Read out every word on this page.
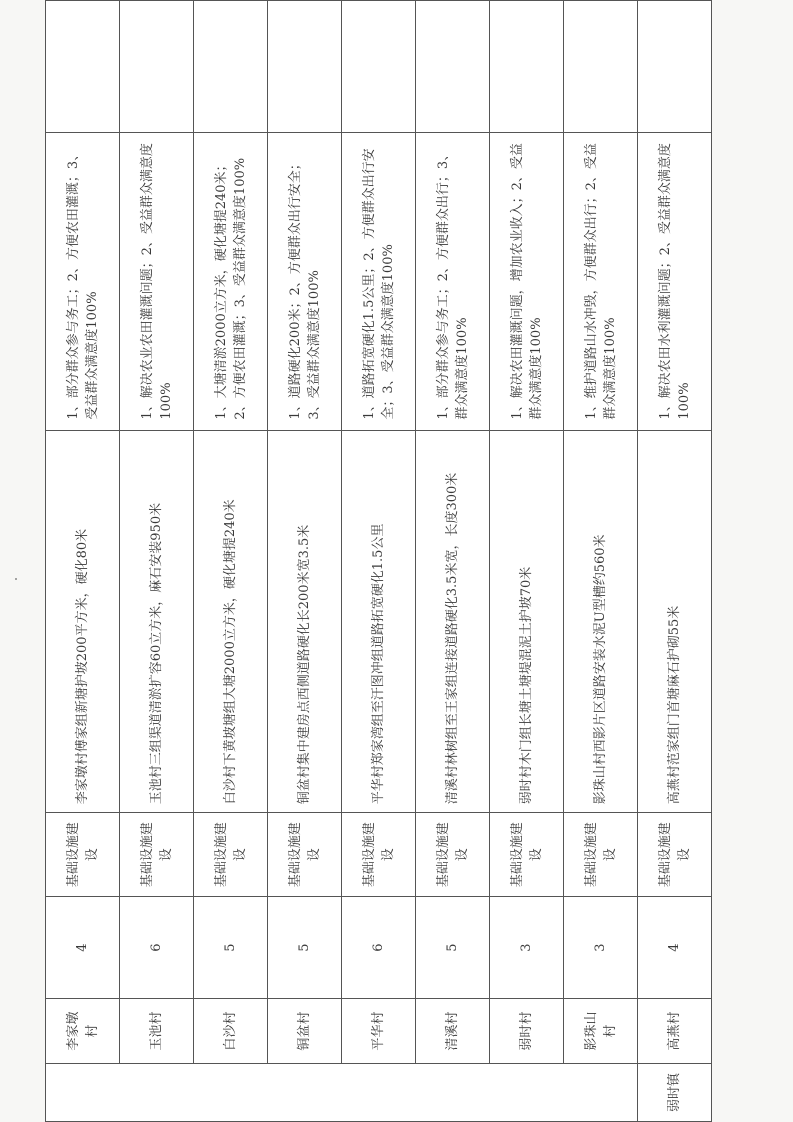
	李家墩村	4	基础设施建设	李家墩村傅家组新塘护坡200平方米，硬化80米	1、部分群众参与务工；2、方便农田灌溉；3、受益群众满意度100%	
	玉池村	6	基础设施建设	玉池村三组渠道清淤扩容60立方米，麻石安装950米	1、解决农业农田灌溉问题；2、受益群众满意度100%	
	白沙村	5	基础设施建设	白沙村下黄坡塘组大塘2000立方米，硬化塘提240米	1、大塘清淤2000立方米，硬化塘提240米；2、方便农田灌溉；3、受益群众满意度100%	
	铜盆村	5	基础设施建设	铜盆村集中建房点西侧道路硬化长200米宽3.5米	1、道路硬化200米；2、方便群众出行安全；3、受益群众满意度100%	
	平华村	6	基础设施建设	平华村郑家湾组至汗图冲组道路拓宽硬化1.5公里	1、道路拓宽硬化1.5公里；2、方便群众出行安全；3、受益群众满意度100%	
	清溪村	5	基础设施建设	清溪村林树组至王家组连接道路硬化3.5米宽，长度300米	1、部分群众参与务工；2、方便群众出行；3、群众满意度100%	
	弱时村	3	基础设施建设	弱时村木门组长塘土塘堤混泥土护坡70米	1、解决农田灌溉问题，增加农业收入；2、受益群众满意度100%	
	影珠山村	3	基础设施建设	影珠山村西影片区道路安装水泥U型槽约560米	1、维护道路山水冲毁，方便群众出行；2、受益群众满意度100%	
弱时镇	高燕村	4	基础设施建设	高燕村范家组门首塘麻石护砌55米	1、解决农田水利灌溉问题；2、受益群众满意度100%	
